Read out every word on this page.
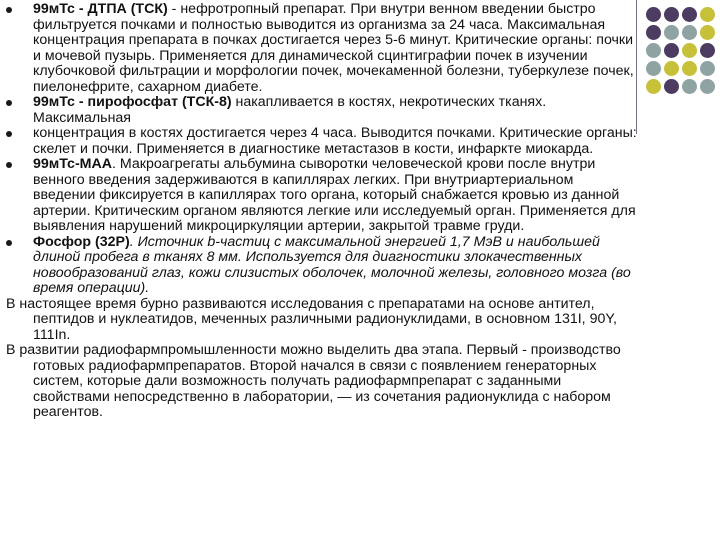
99мТс - ДТПА (ТСК) - нефротропный препарат. При внутри венном введении быстро фильтруется почками и полностью выводится из организма за 24 часа. Максимальная концентрация препарата в почках достигается через 5-6 минут. Критические органы: почки и мочевой пузырь. Применяется для динамической сцинтиграфии почек в изучении клубочковой фильтрации и морфологии почек, мочекаменной болезни, туберкулезе почек, пиелонефрите, сахарном диабете.
99мТс - пирофосфат (ТСК-8) накапливается в костях, некротических тканях. Максимальная
концентрация в костях достигается через 4 часа. Выводится почками. Критические органы: скелет и почки. Применяется в диагностике метастазов в кости, инфаркте миокарда.
99мТс-МАА. Макроагрегаты альбумина сыворотки человеческой крови после внутри венного введения задерживаются в капиллярах легких. При внутриартериальном введении фиксируется в капиллярах того органа, который снабжается кровью из данной артерии. Критическим органом являются легкие или исследуемый орган. Применяется для выявления нарушений микроциркуляции артерии, закрытой травме груди.
Фосфор (32Р). Источник b-частиц с максимальной энергией 1,7 МэВ и наибольшей длиной пробега в тканях 8 мм. Используется для диагностики злокачественных новообразований глаз, кожи слизистых оболочек, молочной железы, головного мозга (во время операции).
В настоящее время бурно развиваются исследования с препаратами на основе антител, пептидов и нуклеатидов, меченных различными радионуклидами, в основном 131I, 90Y, 111In.
В развитии радиофармпромышленности можно выделить два этапа. Первый - производство готовых радиофармпрепаратов. Второй начался в связи с появлением генераторных систем, которые дали возможность получать радиофармпрепарат с заданными свойствами непосредственно в лаборатории, — из сочетания радионуклида с набором реагентов.
